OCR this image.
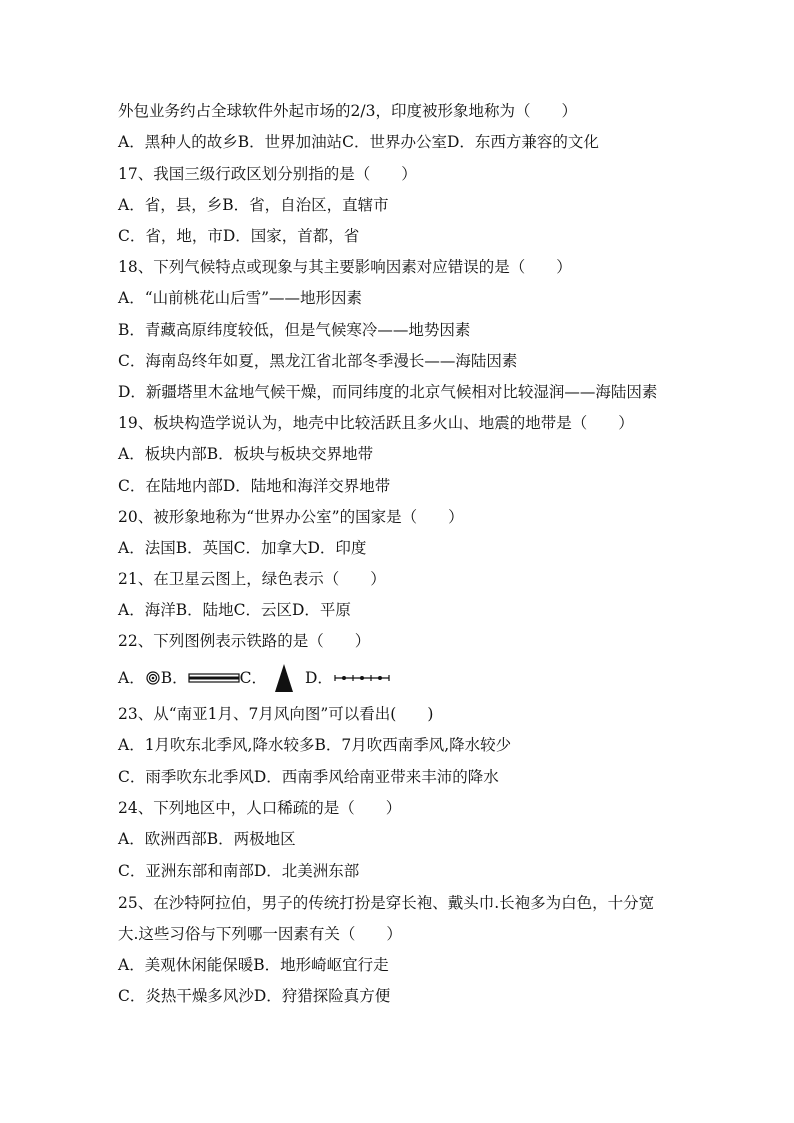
外包业务约占全球软件外起市场的2/3，印度被形象地称为（　　）
A．黑种人的故乡B．世界加油站C．世界办公室D．东西方兼容的文化
17、我国三级行政区划分别指的是（　　）
A．省，县，乡B．省，自治区，直辖市
C．省，地，市D．国家，首都，省
18、下列气候特点或现象与其主要影响因素对应错误的是（　　）
A．“山前桃花山后雪”——地形因素
B．青藏高原纬度较低，但是气候寒冷——地势因素
C．海南岛终年如夏，黑龙江省北部冬季漫长——海陆因素
D．新疆塔里木盆地气候干燥，而同纬度的北京气候相对比较湿润——海陆因素
19、板块构造学说认为，地壳中比较活跃且多火山、地震的地带是（　　）
A．板块内部B．板块与板块交界地带
C．在陆地内部D．陆地和海洋交界地带
20、被形象地称为“世界办公室”的国家是（　　）
A．法国B．英国C．加拿大D．印度
21、在卫星云图上，绿色表示（　　）
A．海洋B．陆地C．云区D．平原
22、下列图例表示铁路的是（　　）
A． B．	C． D．
23、从“南亚1月、7月风向图”可以看出(　　)
A．1月吹东北季风,降水较多B．7月吹西南季风,降水较少
C．雨季吹东北季风D．西南季风给南亚带来丰沛的降水
24、下列地区中，人口稀疏的是（　　）
A．欧洲西部B．两极地区
C．亚洲东部和南部D．北美洲东部
25、在沙特阿拉伯，男子的传统打扮是穿长袍、戴头巾.长袍多为白色，十分宽
大.这些习俗与下列哪一因素有关（　　）
A．美观休闲能保暖B．地形崎岖宜行走
C．炎热干燥多风沙D．狩猎探险真方便
